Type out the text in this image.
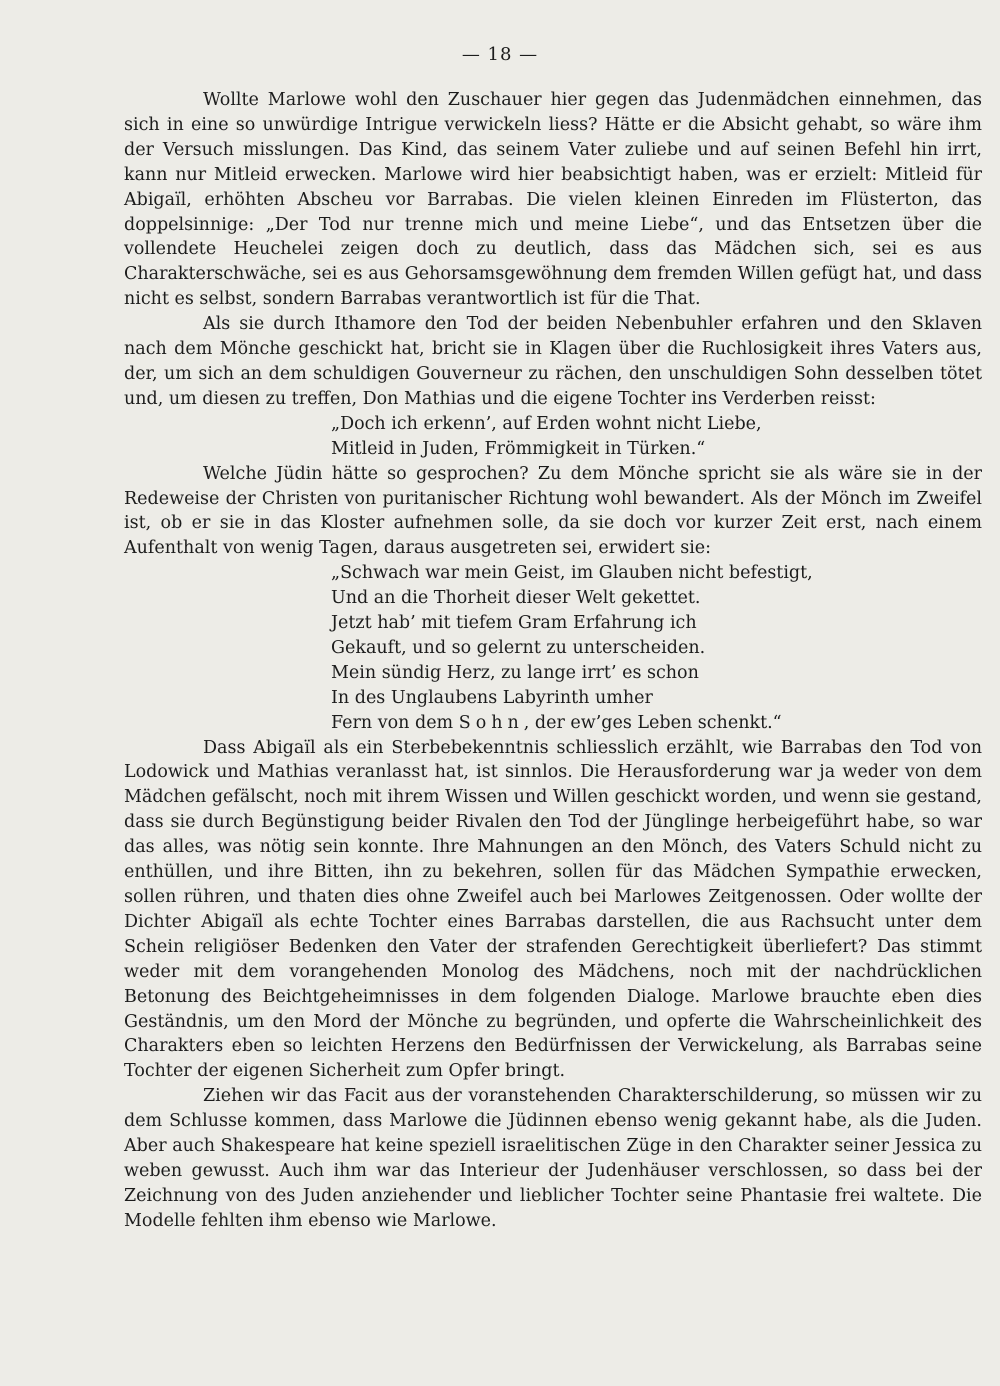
— 18 —

Wollte Marlowe wohl den Zuschauer hier gegen das Judenmädchen einnehmen, das sich in eine so unwürdige Intrigue verwickeln liess? Hätte er die Absicht gehabt, so wäre ihm der Versuch misslungen. Das Kind, das seinem Vater zuliebe und auf seinen Befehl hin irrt, kann nur Mitleid erwecken. Marlowe wird hier beabsichtigt haben, was er erzielt: Mitleid für Abigaïl, erhöhten Abscheu vor Barrabas. Die vielen kleinen Einreden im Flüsterton, das doppelsinnige: „Der Tod nur trenne mich und meine Liebe“, und das Entsetzen über die vollendete Heuchelei zeigen doch zu deutlich, dass das Mädchen sich, sei es aus Charakterschwäche, sei es aus Gehorsamsgewöhnung dem fremden Willen gefügt hat, und dass nicht es selbst, sondern Barrabas verantwortlich ist für die That.

Als sie durch Ithamore den Tod der beiden Nebenbuhler erfahren und den Sklaven nach dem Mönche geschickt hat, bricht sie in Klagen über die Ruchlosigkeit ihres Vaters aus, der, um sich an dem schuldigen Gouverneur zu rächen, den unschuldigen Sohn desselben tötet und, um diesen zu treffen, Don Mathias und die eigene Tochter ins Verderben reisst:

„Doch ich erkenn’, auf Erden wohnt nicht Liebe,
Mitleid in Juden, Frömmigkeit in Türken.“

Welche Jüdin hätte so gesprochen? Zu dem Mönche spricht sie als wäre sie in der Redeweise der Christen von puritanischer Richtung wohl bewandert. Als der Mönch im Zweifel ist, ob er sie in das Kloster aufnehmen solle, da sie doch vor kurzer Zeit erst, nach einem Aufenthalt von wenig Tagen, daraus ausgetreten sei, erwidert sie:

„Schwach war mein Geist, im Glauben nicht befestigt,
Und an die Thorheit dieser Welt gekettet.
Jetzt hab’ mit tiefem Gram Erfahrung ich
Gekauft, und so gelernt zu unterscheiden.
Mein sündig Herz, zu lange irrt’ es schon
In des Unglaubens Labyrinth umher
Fern von dem Sohn, der ew’ges Leben schenkt.“

Dass Abigaïl als ein Sterbebekenntnis schliesslich erzählt, wie Barrabas den Tod von Lodowick und Mathias veranlasst hat, ist sinnlos. Die Herausforderung war ja weder von dem Mädchen gefälscht, noch mit ihrem Wissen und Willen geschickt worden, und wenn sie gestand, dass sie durch Begünstigung beider Rivalen den Tod der Jünglinge herbeigeführt habe, so war das alles, was nötig sein konnte. Ihre Mahnungen an den Mönch, des Vaters Schuld nicht zu enthüllen, und ihre Bitten, ihn zu bekehren, sollen für das Mädchen Sympathie erwecken, sollen rühren, und thaten dies ohne Zweifel auch bei Marlowes Zeitgenossen. Oder wollte der Dichter Abigaïl als echte Tochter eines Barrabas darstellen, die aus Rachsucht unter dem Schein religiöser Bedenken den Vater der strafenden Gerechtigkeit überliefert? Das stimmt weder mit dem vorangehenden Monolog des Mädchens, noch mit der nachdrücklichen Betonung des Beichtgeheimnisses in dem folgenden Dialoge. Marlowe brauchte eben dies Geständnis, um den Mord der Mönche zu begründen, und opferte die Wahrscheinlichkeit des Charakters eben so leichten Herzens den Bedürfnissen der Verwickelung, als Barrabas seine Tochter der eigenen Sicherheit zum Opfer bringt.

Ziehen wir das Facit aus der voranstehenden Charakterschilderung, so müssen wir zu dem Schlusse kommen, dass Marlowe die Jüdinnen ebenso wenig gekannt habe, als die Juden. Aber auch Shakespeare hat keine speziell israelitischen Züge in den Charakter seiner Jessica zu weben gewusst. Auch ihm war das Interieur der Judenhäuser verschlossen, so dass bei der Zeichnung von des Juden anziehender und lieblicher Tochter seine Phantasie frei waltete. Die Modelle fehlten ihm ebenso wie Marlowe.
